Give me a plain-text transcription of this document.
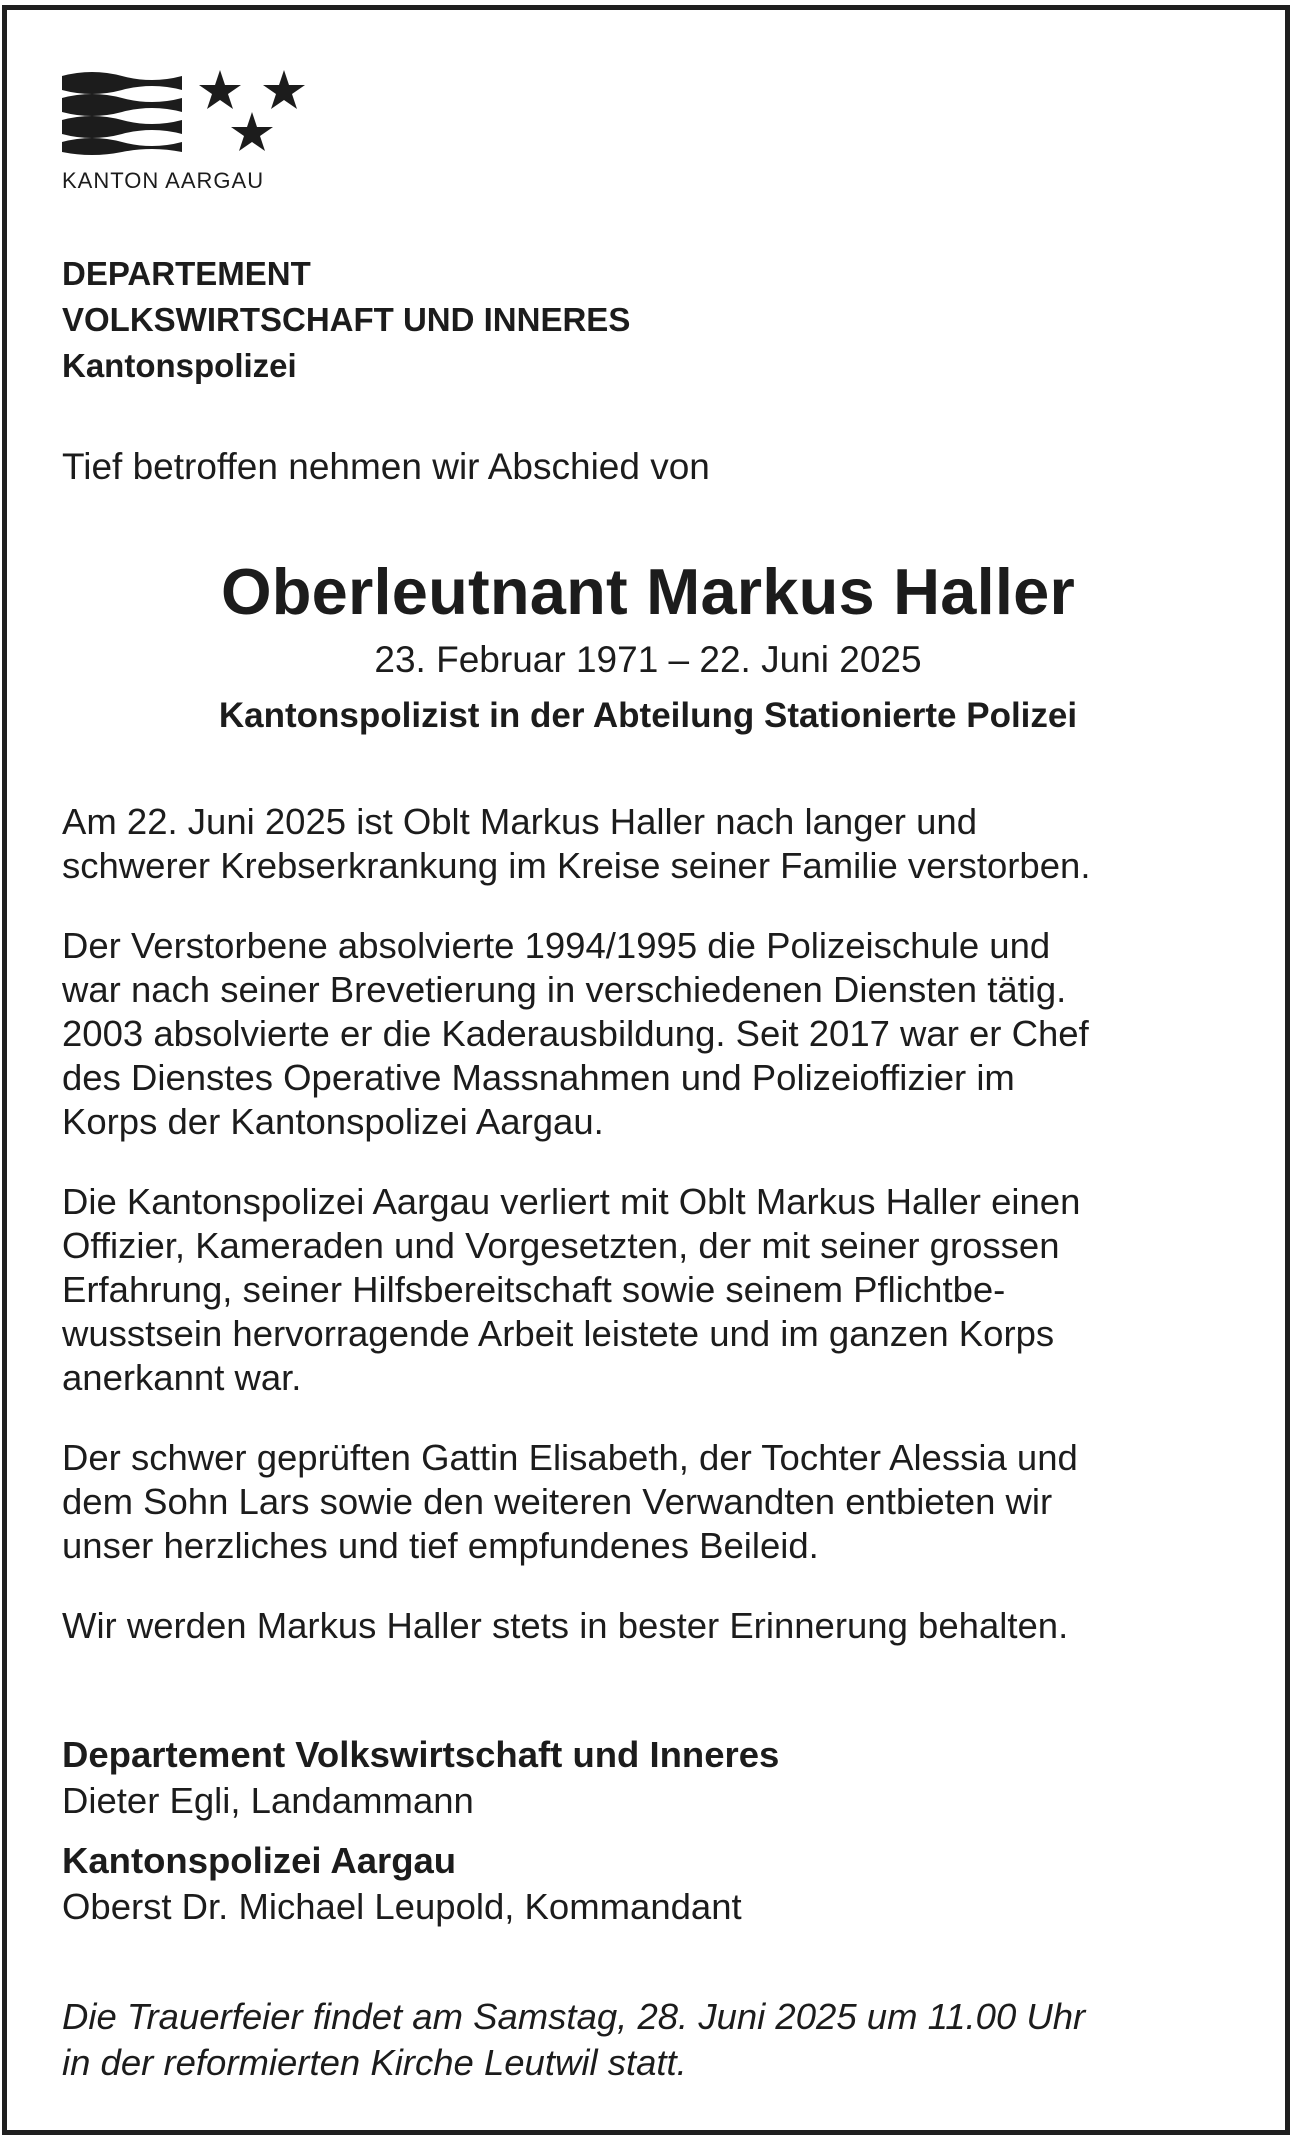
KANTON AARGAU
DEPARTEMENT
VOLKSWIRTSCHAFT UND INNERES
Kantonspolizei
Tief betroffen nehmen wir Abschied von
Oberleutnant Markus Haller
23. Februar 1971 – 22. Juni 2025
Kantonspolizist in der Abteilung Stationierte Polizei

Am 22. Juni 2025 ist Oblt Markus Haller nach langer und
schwerer Krebserkrankung im Kreise seiner Familie verstorben.

Der Verstorbene absolvierte 1994/1995 die Polizeischule und
war nach seiner Brevetierung in verschiedenen Diensten tätig.
2003 absolvierte er die Kaderausbildung. Seit 2017 war er Chef
des Dienstes Operative Massnahmen und Polizeioffizier im
Korps der Kantonspolizei Aargau.

Die Kantonspolizei Aargau verliert mit Oblt Markus Haller einen
Offizier, Kameraden und Vorgesetzten, der mit seiner grossen
Erfahrung, seiner Hilfsbereitschaft sowie seinem Pflichtbe-
wusstsein hervorragende Arbeit leistete und im ganzen Korps
anerkannt war.

Der schwer geprüften Gattin Elisabeth, der Tochter Alessia und
dem Sohn Lars sowie den weiteren Verwandten entbieten wir
unser herzliches und tief empfundenes Beileid.

Wir werden Markus Haller stets in bester Erinnerung behalten.

Departement Volkswirtschaft und Inneres
Dieter Egli, Landammann
Kantonspolizei Aargau
Oberst Dr. Michael Leupold, Kommandant
Die Trauerfeier findet am Samstag, 28. Juni 2025 um 11.00 Uhr
in der reformierten Kirche Leutwil statt.
